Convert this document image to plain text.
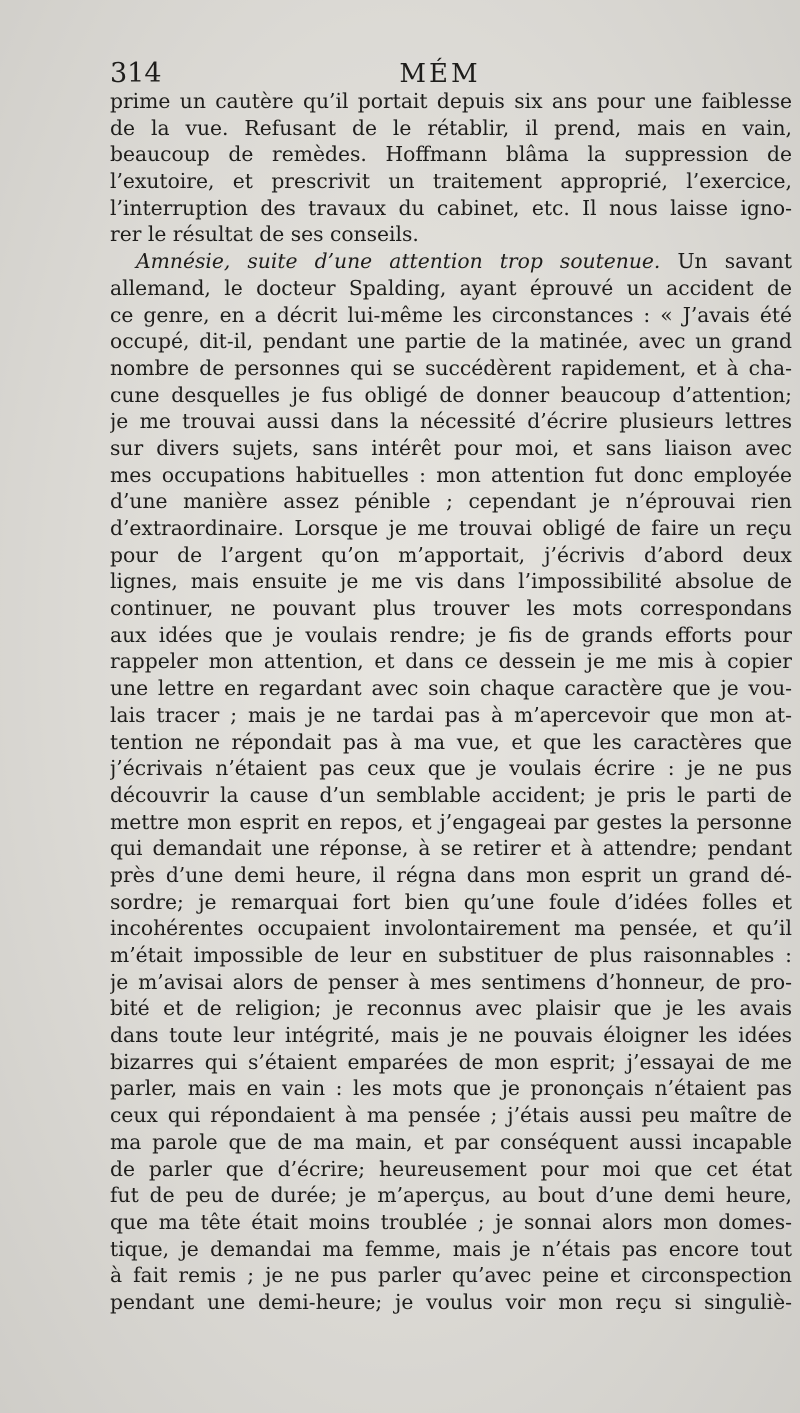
314	MÉM
prime un cautère qu’il portait depuis six ans pour une faiblesse
de la vue. Refusant de le rétablir, il prend, mais en vain,
beaucoup de remèdes. Hoffmann blâma la suppression de
l’exutoire, et prescrivit un traitement approprié, l’exercice,
l’interruption des travaux du cabinet, etc. Il nous laisse igno-
rer le résultat de ses conseils.
Amnésie, suite d’une attention trop soutenue. Un savant
allemand, le docteur Spalding, ayant éprouvé un accident de
ce genre, en a décrit lui-même les circonstances : « J’avais été
occupé, dit-il, pendant une partie de la matinée, avec un grand
nombre de personnes qui se succédèrent rapidement, et à cha-
cune desquelles je fus obligé de donner beaucoup d’attention;
je me trouvai aussi dans la nécessité d’écrire plusieurs lettres
sur divers sujets, sans intérêt pour moi, et sans liaison avec
mes occupations habituelles : mon attention fut donc employée
d’une manière assez pénible ; cependant je n’éprouvai rien
d’extraordinaire. Lorsque je me trouvai obligé de faire un reçu
pour de l’argent qu’on m’apportait, j’écrivis d’abord deux
lignes, mais ensuite je me vis dans l’impossibilité absolue de
continuer, ne pouvant plus trouver les mots correspondans
aux idées que je voulais rendre; je fis de grands efforts pour
rappeler mon attention, et dans ce dessein je me mis à copier
une lettre en regardant avec soin chaque caractère que je vou-
lais tracer ; mais je ne tardai pas à m’apercevoir que mon at-
tention ne répondait pas à ma vue, et que les caractères que
j’écrivais n’étaient pas ceux que je voulais écrire : je ne pus
découvrir la cause d’un semblable accident; je pris le parti de
mettre mon esprit en repos, et j’engageai par gestes la personne
qui demandait une réponse, à se retirer et à attendre; pendant
près d’une demi heure, il régna dans mon esprit un grand dé-
sordre; je remarquai fort bien qu’une foule d’idées folles et
incohérentes occupaient involontairement ma pensée, et qu’il
m’était impossible de leur en substituer de plus raisonnables :
je m’avisai alors de penser à mes sentimens d’honneur, de pro-
bité et de religion; je reconnus avec plaisir que je les avais
dans toute leur intégrité, mais je ne pouvais éloigner les idées
bizarres qui s’étaient emparées de mon esprit; j’essayai de me
parler, mais en vain : les mots que je prononçais n’étaient pas
ceux qui répondaient à ma pensée ; j’étais aussi peu maître de
ma parole que de ma main, et par conséquent aussi incapable
de parler que d’écrire; heureusement pour moi que cet état
fut de peu de durée; je m’aperçus, au bout d’une demi heure,
que ma tête était moins troublée ; je sonnai alors mon domes-
tique, je demandai ma femme, mais je n’étais pas encore tout
à fait remis ; je ne pus parler qu’avec peine et circonspection
pendant une demi-heure; je voulus voir mon reçu si singuliè-
